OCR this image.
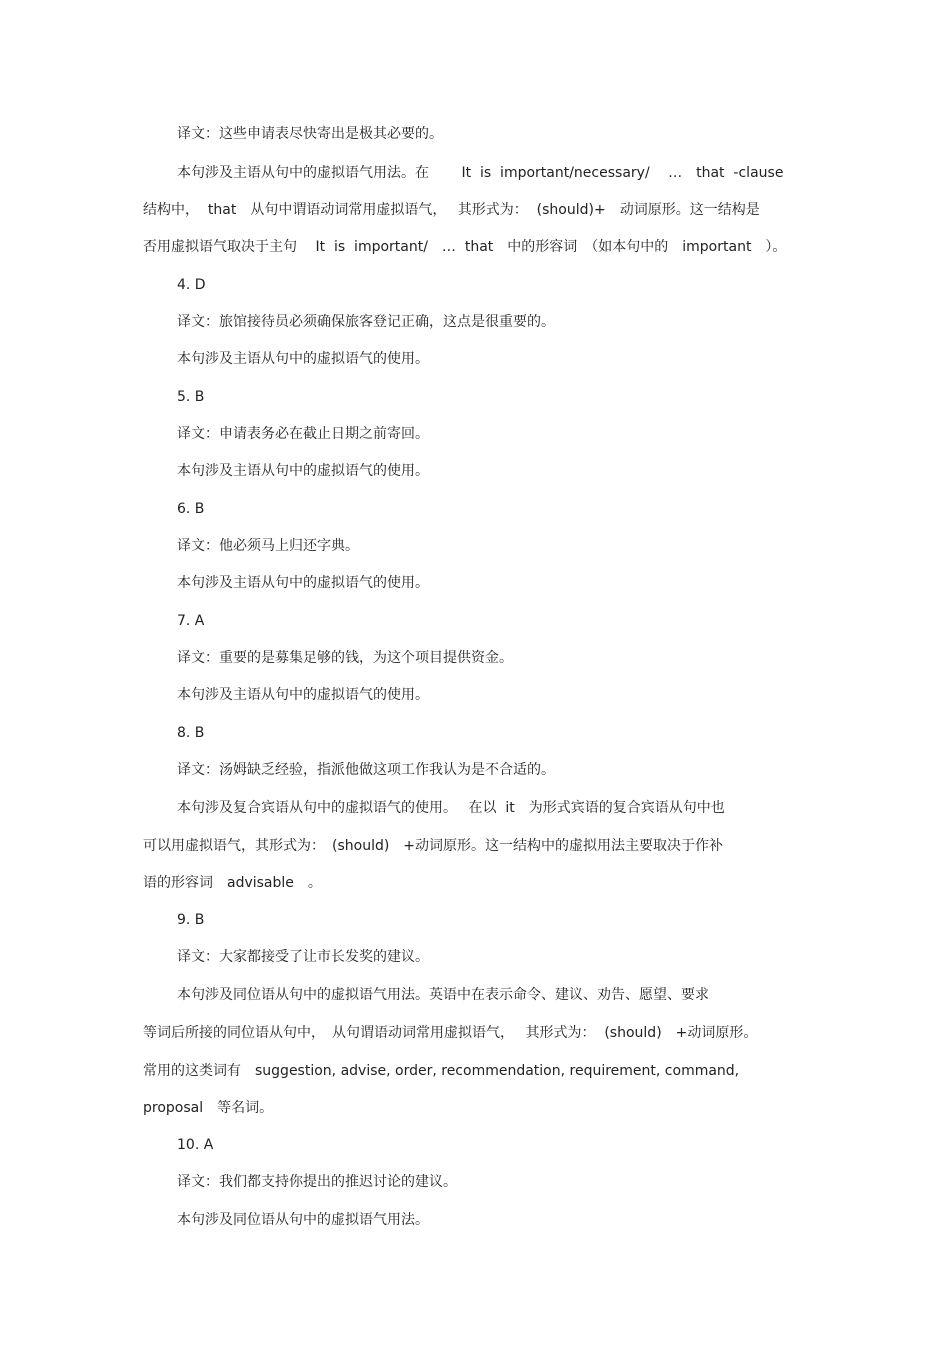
译文：这些申请表尽快寄出是极其必要的。
本句涉及主语从句中的虚拟语气用法。在　　 It  is  important/necessary/　 …　that  -clause
结构中，  that　从句中谓语动词常用虚拟语气，　 其形式为：  (should)+　动词原形。这一结构是
否用虚拟语气取决于主句　 It  is  important/　…  that　中的形容词　（如本句中的　important　）。
4. D
译文：旅馆接待员必须确保旅客登记正确，这点是很重要的。
本句涉及主语从句中的虚拟语气的使用。
5. B
译文：申请表务必在截止日期之前寄回。
本句涉及主语从句中的虚拟语气的使用。
6. B
译文：他必须马上归还字典。
本句涉及主语从句中的虚拟语气的使用。
7. A
译文：重要的是募集足够的钱，为这个项目提供资金。
本句涉及主语从句中的虚拟语气的使用。
8. B
译文：汤姆缺乏经验，指派他做这项工作我认为是不合适的。
本句涉及复合宾语从句中的虚拟语气的使用。　 在以  it　为形式宾语的复合宾语从句中也
可以用虚拟语气，其形式为：　(should)　+动词原形。这一结构中的虚拟用法主要取决于作补
语的形容词　advisable　。
9. B
译文：大家都接受了让市长发奖的建议。
本句涉及同位语从句中的虚拟语气用法。英语中在表示命令、建议、劝告、愿望、要求
等词后所接的同位语从句中，　从句谓语动词常用虚拟语气，　 其形式为：  (should)　+动词原形。
常用的这类词有　suggestion, advise, order, recommendation, requirement, command,
proposal　等名词。
10. A
译文：我们都支持你提出的推迟讨论的建议。
本句涉及同位语从句中的虚拟语气用法。
